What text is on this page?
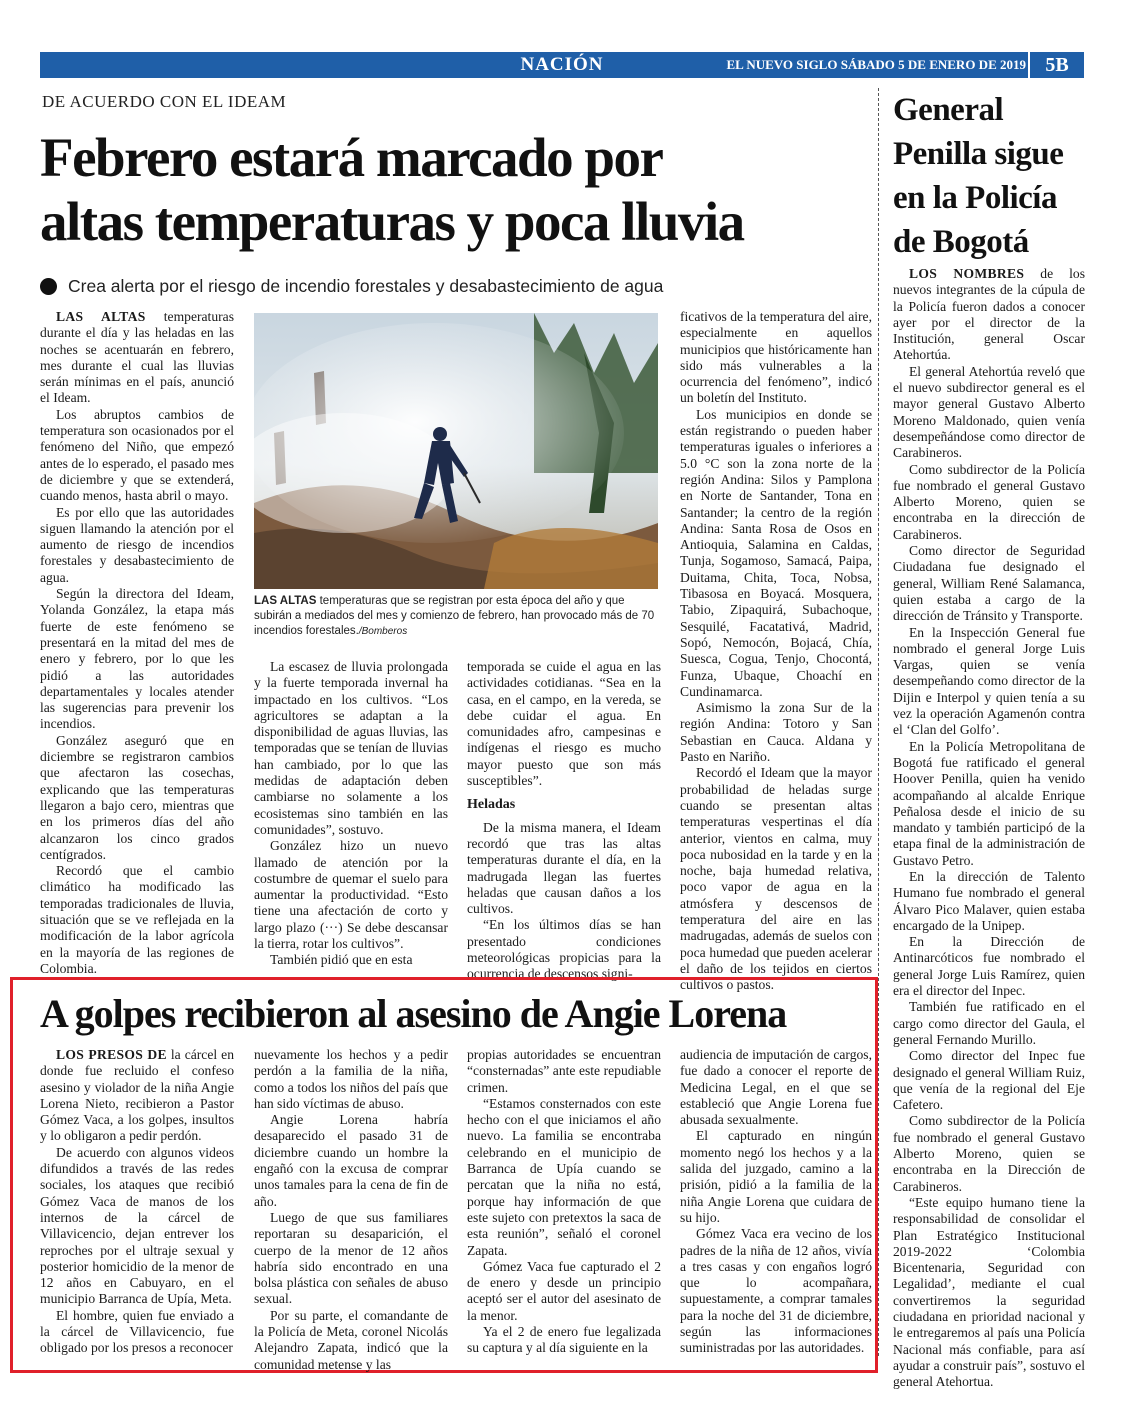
NACIÓN	EL NUEVO SIGLO SÁBADO 5 DE ENERO DE 2019 5B
DE ACUERDO CON EL IDEAM
Febrero estará marcado por
altas temperaturas y poca lluvia
Crea alerta por el riesgo de incendio forestales y desabastecimiento de agua

LAS ALTAS temperaturas durante el día y las heladas en las noches se acentuarán en febrero, mes durante el cual las lluvias serán mínimas en el país, anunció el Ideam.

Los abruptos cambios de temperatura son ocasionados por el fenómeno del Niño, que empezó antes de lo esperado, el pasado mes de diciembre y que se extenderá, cuando menos, hasta abril o mayo.

Es por ello que las autoridades siguen llamando la atención por el aumento de riesgo de incendios forestales y desabastecimiento de agua.

Según la directora del Ideam, Yolanda González, la etapa más fuerte de este fenómeno se presentará en la mitad del mes de enero y febrero, por lo que les pidió a las autoridades departamentales y locales atender las sugerencias para prevenir los incendios.

González aseguró que en diciembre se registraron cambios que afectaron las cosechas, explicando que las temperaturas llegaron a bajo cero, mientras que en los primeros días del año alcanzaron los cinco grados centígrados.

Recordó que el cambio climático ha modificado las temporadas tradicionales de lluvia, situación que se ve reflejada en la modificación de la labor agrícola en la mayoría de las regiones de Colombia.

LAS ALTAS temperaturas que se registran por esta época del año y que subirán a mediados del mes y comienzo de febrero, han provocado más de 70 incendios forestales./Bomberos

La escasez de lluvia prolongada y la fuerte temporada invernal ha impactado en los cultivos. “Los agricultores se adaptan a la disponibilidad de aguas lluvias, las temporadas que se tenían de lluvias han cambiado, por lo que las medidas de adaptación deben cambiarse no solamente a los ecosistemas sino también en las comunidades”, sostuvo.

González hizo un nuevo llamado de atención por la costumbre de quemar el suelo para aumentar la productividad. “Esto tiene una afectación de corto y largo plazo (···) Se debe descansar la tierra, rotar los cultivos”.

También pidió que en esta

temporada se cuide el agua en las actividades cotidianas. “Sea en la casa, en el campo, en la vereda, se debe cuidar el agua. En comunidades afro, campesinas e indígenas el riesgo es mucho mayor puesto que son más susceptibles”.

Heladas

De la misma manera, el Ideam recordó que tras las altas temperaturas durante el día, en la madrugada llegan las fuertes heladas que causan daños a los cultivos.

“En los últimos días se han presentado condiciones meteorológicas propicias para la ocurrencia de descensos signi-

ficativos de la temperatura del aire, especialmente en aquellos municipios que históricamente han sido más vulnerables a la ocurrencia del fenómeno”, indicó un boletín del Instituto.

Los municipios en donde se están registrando o pueden haber temperaturas iguales o inferiores a 5.0 °C son la zona norte de la región Andina: Silos y Pamplona en Norte de Santander, Tona en Santander; la centro de la región Andina: Santa Rosa de Osos en Antioquia, Salamina en Caldas, Tunja, Sogamoso, Samacá, Paipa, Duitama, Chita, Toca, Nobsa, Tibasosa en Boyacá. Mosquera, Tabio, Zipaquirá, Subachoque, Sesquilé, Facatativá, Madrid, Sopó, Nemocón, Bojacá, Chía, Suesca, Cogua, Tenjo, Chocontá, Funza, Ubaque, Choachí en Cundinamarca.

Asimismo la zona Sur de la región Andina: Totoro y San Sebastian en Cauca. Aldana y Pasto en Nariño.

Recordó el Ideam que la mayor probabilidad de heladas surge cuando se presentan altas temperaturas vespertinas el día anterior, vientos en calma, muy poca nubosidad en la tarde y en la noche, baja humedad relativa, poco vapor de agua en la atmósfera y descensos de temperatura del aire en las madrugadas, además de suelos con poca humedad que pueden acelerar el daño de los tejidos en ciertos cultivos o pastos.

General Penilla sigue en la Policía de Bogotá

LOS NOMBRES de los nuevos integrantes de la cúpula de la Policía fueron dados a conocer ayer por el director de la Institución, general Oscar Atehortúa.

El general Atehortúa reveló que el nuevo subdirector general es el mayor general Gustavo Alberto Moreno Maldonado, quien venía desempeñándose como director de Carabineros.

Como subdirector de la Policía fue nombrado el general Gustavo Alberto Moreno, quien se encontraba en la dirección de Carabineros.

Como director de Seguridad Ciudadana fue designado el general, William René Salamanca, quien estaba a cargo de la dirección de Tránsito y Transporte.

En la Inspección General fue nombrado el general Jorge Luis Vargas, quien se venía desempeñando como director de la Dijin e Interpol y quien tenía a su vez la operación Agamenón contra el ‘Clan del Golfo’.

En la Policía Metropolitana de Bogotá fue ratificado el general Hoover Penilla, quien ha venido acompañando al alcalde Enrique Peñalosa desde el inicio de su mandato y también participó de la etapa final de la administración de Gustavo Petro.

En la dirección de Talento Humano fue nombrado el general Álvaro Pico Malaver, quien estaba encargado de la Unipep.

En la Dirección de Antinarcóticos fue nombrado el general Jorge Luis Ramírez, quien era el director del Inpec.

También fue ratificado en el cargo como director del Gaula, el general Fernando Murillo.

Como director del Inpec fue designado el general William Ruiz, que venía de la regional del Eje Cafetero.

Como subdirector de la Policía fue nombrado el general Gustavo Alberto Moreno, quien se encontraba en la Dirección de Carabineros.

“Este equipo humano tiene la responsabilidad de consolidar el Plan Estratégico Institucional 2019-2022 ‘Colombia Bicentenaria, Seguridad con Legalidad’, mediante el cual convertiremos la seguridad ciudadana en prioridad nacional y le entregaremos al país una Policía Nacional más confiable, para así ayudar a construir país”, sostuvo el general Atehortua.

A golpes recibieron al asesino de Angie Lorena

LOS PRESOS DE la cárcel en donde fue recluido el confeso asesino y violador de la niña Angie Lorena Nieto, recibieron a Pastor Gómez Vaca, a los golpes, insultos y lo obligaron a pedir perdón.

De acuerdo con algunos videos difundidos a través de las redes sociales, los ataques que recibió Gómez Vaca de manos de los internos de la cárcel de Villavicencio, dejan entrever los reproches por el ultraje sexual y posterior homicidio de la menor de 12 años en Cabuyaro, en el municipio Barranca de Upía, Meta.

El hombre, quien fue enviado a la cárcel de Villavicencio, fue obligado por los presos a reconocer

nuevamente los hechos y a pedir perdón a la familia de la niña, como a todos los niños del país que han sido víctimas de abuso.

Angie Lorena habría desaparecido el pasado 31 de diciembre cuando un hombre la engañó con la excusa de comprar unos tamales para la cena de fin de año.

Luego de que sus familiares reportaran su desaparición, el cuerpo de la menor de 12 años habría sido encontrado en una bolsa plástica con señales de abuso sexual.

Por su parte, el comandante de la Policía de Meta, coronel Nicolás Alejandro Zapata, indicó que la comunidad metense y las

propias autoridades se encuentran “consternadas” ante este repudiable crimen.

“Estamos consternados con este hecho con el que iniciamos el año nuevo. La familia se encontraba celebrando en el municipio de Barranca de Upía cuando se percatan que la niña no está, porque hay información de que este sujeto con pretextos la saca de esta reunión”, señaló el coronel Zapata.

Gómez Vaca fue capturado el 2 de enero y desde un principio aceptó ser el autor del asesinato de la menor.

Ya el 2 de enero fue legalizada su captura y al día siguiente en la

audiencia de imputación de cargos, fue dado a conocer el reporte de Medicina Legal, en el que se estableció que Angie Lorena fue abusada sexualmente.

El capturado en ningún momento negó los hechos y a la salida del juzgado, camino a la prisión, pidió a la familia de la niña Angie Lorena que cuidara de su hijo.

Gómez Vaca era vecino de los padres de la niña de 12 años, vivía a tres casas y con engaños logró que lo acompañara, supuestamente, a comprar tamales para la noche del 31 de diciembre, según las informaciones suministradas por las autoridades.
